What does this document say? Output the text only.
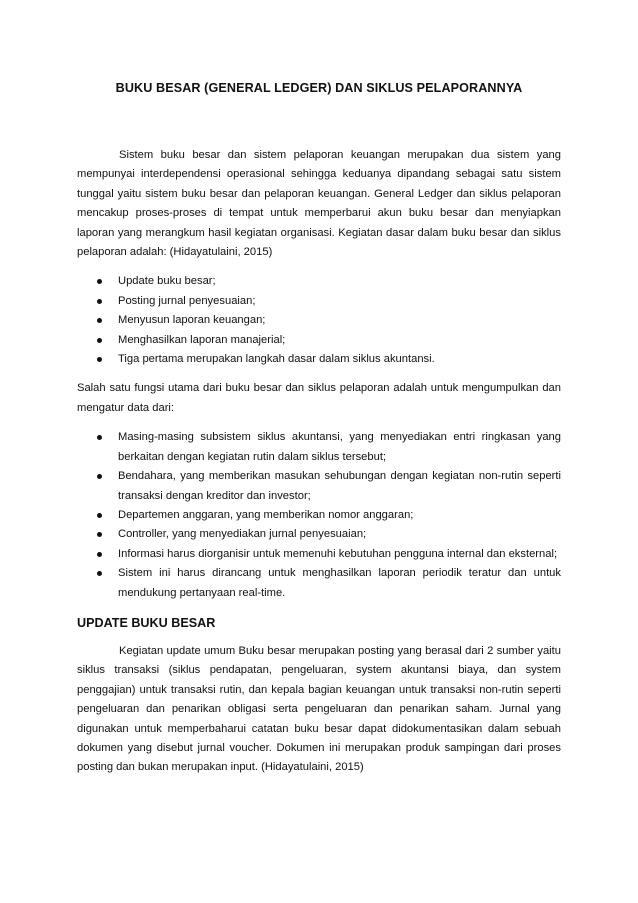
BUKU BESAR (GENERAL LEDGER) DAN SIKLUS PELAPORANNYA

Sistem buku besar dan sistem pelaporan keuangan merupakan dua sistem yang mempunyai interdependensi operasional sehingga keduanya dipandang sebagai satu sistem tunggal yaitu sistem buku besar dan pelaporan keuangan. General Ledger dan siklus pelaporan mencakup proses-proses di tempat untuk memperbarui akun buku besar dan menyiapkan laporan yang merangkum hasil kegiatan organisasi. Kegiatan dasar dalam buku besar dan siklus pelaporan adalah: (Hidayatulaini, 2015)

Update buku besar;
Posting jurnal penyesuaian;
Menyusun laporan keuangan;
Menghasilkan laporan manajerial;
Tiga pertama merupakan langkah dasar dalam siklus akuntansi.

Salah satu fungsi utama dari buku besar dan siklus pelaporan adalah untuk mengumpulkan dan mengatur data dari:

Masing-masing subsistem siklus akuntansi, yang menyediakan entri ringkasan yang berkaitan dengan kegiatan rutin dalam siklus tersebut;
Bendahara, yang memberikan masukan sehubungan dengan kegiatan non-rutin seperti transaksi dengan kreditor dan investor;
Departemen anggaran, yang memberikan nomor anggaran;
Controller, yang menyediakan jurnal penyesuaian;
Informasi harus diorganisir untuk memenuhi kebutuhan pengguna internal dan eksternal;
Sistem ini harus dirancang untuk menghasilkan laporan periodik teratur dan untuk mendukung pertanyaan real-time.
UPDATE BUKU BESAR

Kegiatan update umum Buku besar merupakan posting yang berasal dari 2 sumber yaitu siklus transaksi (siklus pendapatan, pengeluaran, system akuntansi biaya, dan system penggajian) untuk transaksi rutin, dan kepala bagian keuangan untuk transaksi non-rutin seperti pengeluaran dan penarikan obligasi serta pengeluaran dan penarikan saham. Jurnal yang digunakan untuk memperbaharui catatan buku besar dapat didokumentasikan dalam sebuah dokumen yang disebut jurnal voucher. Dokumen ini merupakan produk sampingan dari proses posting dan bukan merupakan input. (Hidayatulaini, 2015)
